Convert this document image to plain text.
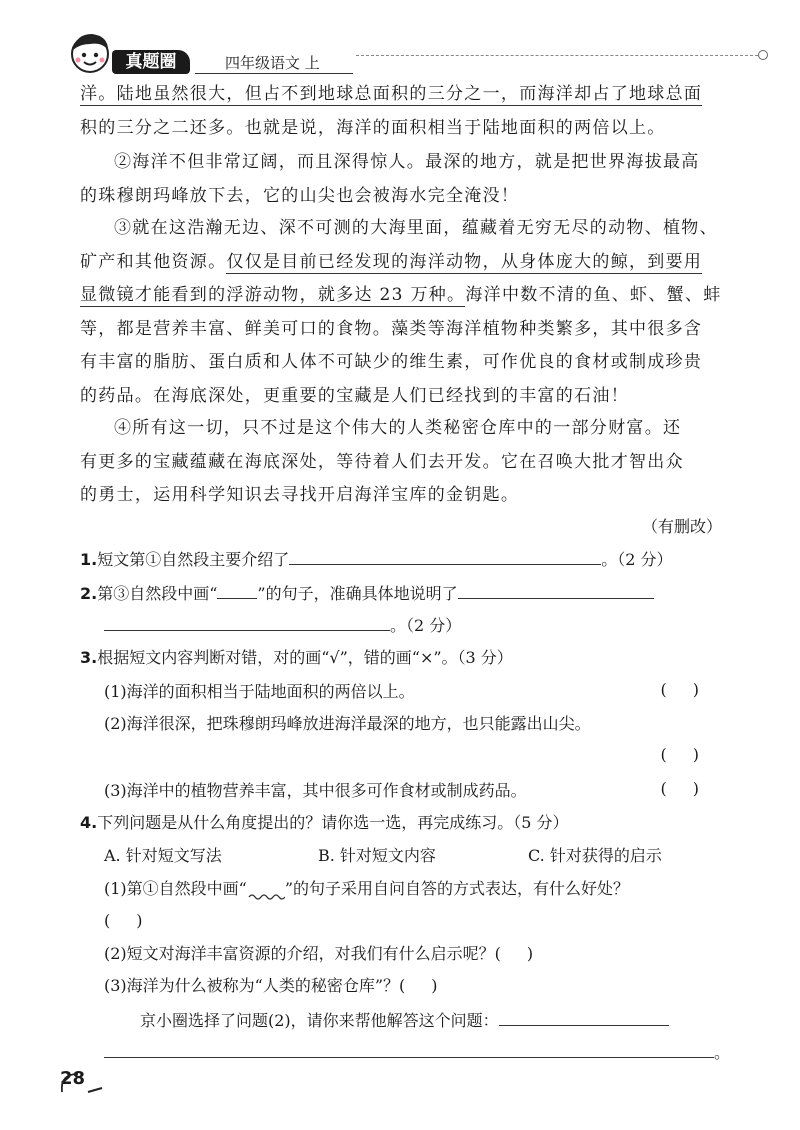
真题圈	四年级语文 上
洋。陆地虽然很大，但占不到地球总面积的三分之一，而海洋却占了地球总面
积的三分之二还多。也就是说，海洋的面积相当于陆地面积的两倍以上。
②海洋不但非常辽阔，而且深得惊人。最深的地方，就是把世界海拔最高
的珠穆朗玛峰放下去，它的山尖也会被海水完全淹没！
③就在这浩瀚无边、深不可测的大海里面，蕴藏着无穷无尽的动物、植物、
矿产和其他资源。仅仅是目前已经发现的海洋动物，从身体庞大的鲸，到要用
显微镜才能看到的浮游动物，就多达 23 万种。海洋中数不清的鱼、虾、蟹、蚌
等，都是营养丰富、鲜美可口的食物。藻类等海洋植物种类繁多，其中很多含
有丰富的脂肪、蛋白质和人体不可缺少的维生素，可作优良的食材或制成珍贵
的药品。在海底深处，更重要的宝藏是人们已经找到的丰富的石油！
④所有这一切，只不过是这个伟大的人类秘密仓库中的一部分财富。还
有更多的宝藏蕴藏在海底深处，等待着人们去开发。它在召唤大批才智出众
的勇士，运用科学知识去寻找开启海洋宝库的金钥匙。
（有删改）
1.短文第①自然段主要介绍了	。（2 分）
2.第③自然段中画“	”的句子，准确具体地说明了
。（2 分）
3.根据短文内容判断对错，对的画“√”，错的画“×”。（3 分）
(1)海洋的面积相当于陆地面积的两倍以上。	()
(2)海洋很深，把珠穆朗玛峰放进海洋最深的地方，也只能露出山尖。
()
(3)海洋中的植物营养丰富，其中很多可作食材或制成药品。	()
4.下列问题是从什么角度提出的？请你选一选，再完成练习。（5 分）
A. 针对短文写法	B. 针对短文内容	C. 针对获得的启示
(1)第①自然段中画“ ”的句子采用自问自答的方式表达，有什么好处？
()
(2)短文对海洋丰富资源的介绍，对我们有什么启示呢？()
(3)海洋为什么被称为“人类的秘密仓库”？()
京小圈选择了问题(2)，请你来帮他解答这个问题：
。
28
